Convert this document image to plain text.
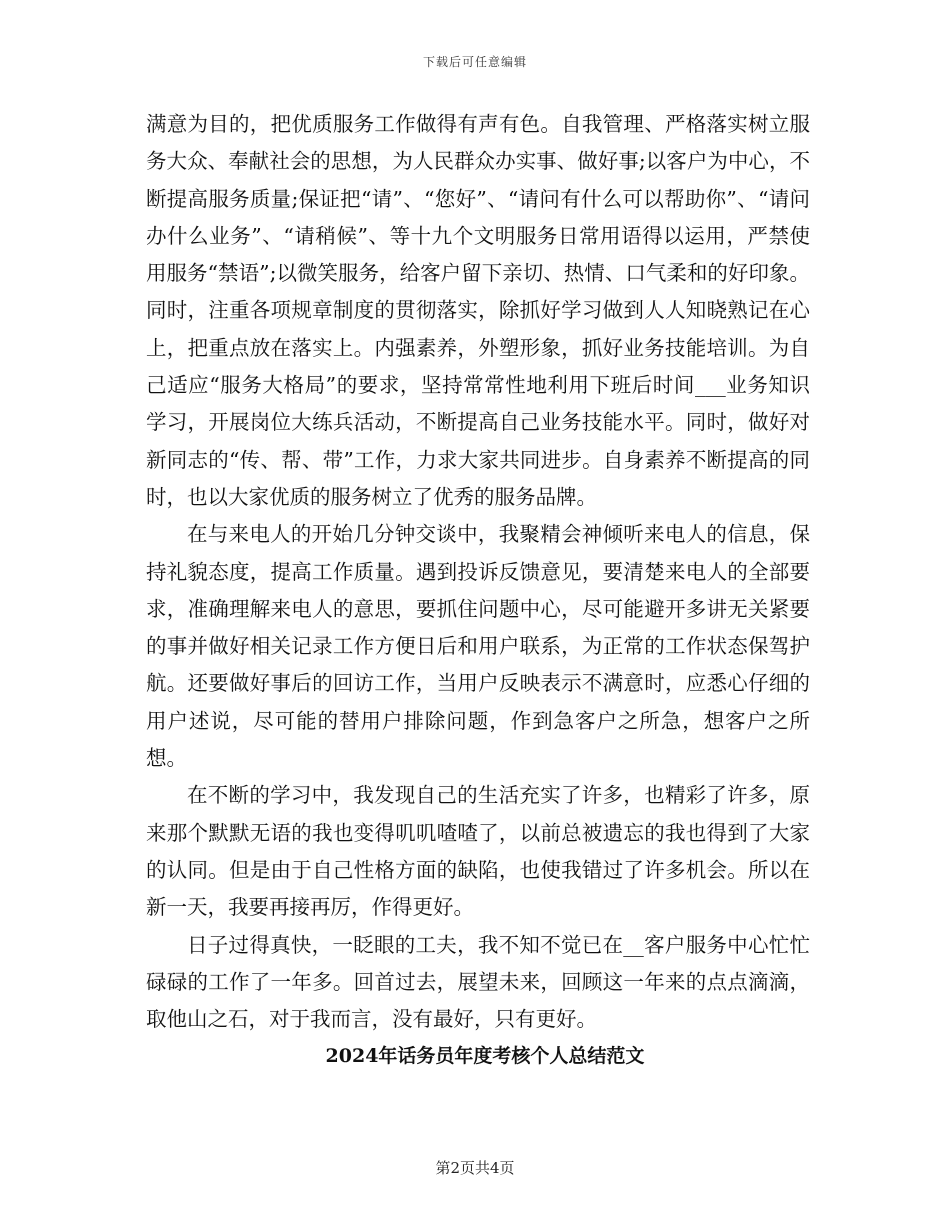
下载后可任意编辑

满意为目的，把优质服务工作做得有声有色。自我管理、严格落实树立服务大众、奉献社会的思想，为人民群众办实事、做好事;以客户为中心，不断提高服务质量;保证把“请”、“您好”、“请问有什么可以帮助你”、“请问办什么业务”、“请稍候”、等十九个文明服务日常用语得以运用，严禁使用服务“禁语”;以微笑服务，给客户留下亲切、热情、口气柔和的好印象。同时，注重各项规章制度的贯彻落实，除抓好学习做到人人知晓熟记在心上，把重点放在落实上。内强素养，外塑形象，抓好业务技能培训。为自己适应“服务大格局”的要求，坚持常常性地利用下班后时间___业务知识学习，开展岗位大练兵活动，不断提高自己业务技能水平。同时，做好对新同志的“传、帮、带”工作，力求大家共同进步。自身素养不断提高的同时，也以大家优质的服务树立了优秀的服务品牌。

在与来电人的开始几分钟交谈中，我聚精会神倾听来电人的信息，保持礼貌态度，提高工作质量。遇到投诉反馈意见，要清楚来电人的全部要求，准确理解来电人的意思，要抓住问题中心，尽可能避开多讲无关紧要的事并做好相关记录工作方便日后和用户联系，为正常的工作状态保驾护航。还要做好事后的回访工作，当用户反映表示不满意时，应悉心仔细的用户述说，尽可能的替用户排除问题，作到急客户之所急，想客户之所想。

在不断的学习中，我发现自己的生活充实了许多，也精彩了许多，原来那个默默无语的我也变得叽叽喳喳了，以前总被遗忘的我也得到了大家的认同。但是由于自己性格方面的缺陷，也使我错过了许多机会。所以在新一天，我要再接再厉，作得更好。

日子过得真快，一眨眼的工夫，我不知不觉已在__客户服务中心忙忙碌碌的工作了一年多。回首过去，展望未来，回顾这一年来的点点滴滴，取他山之石，对于我而言，没有最好，只有更好。

2024年话务员年度考核个人总结范文
第2页共4页
